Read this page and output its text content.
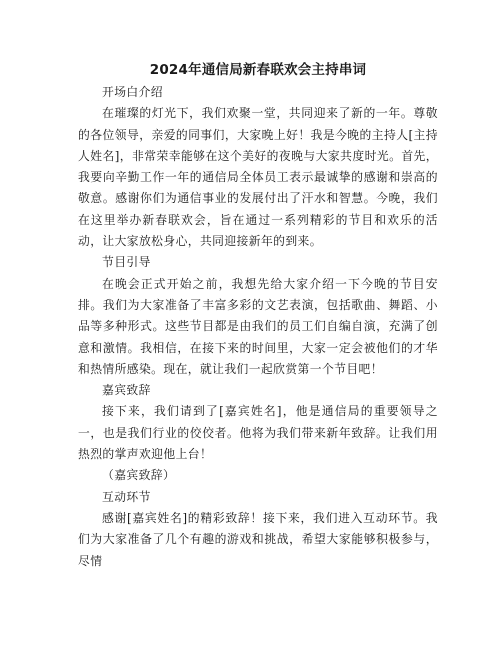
2024年通信局新春联欢会主持串词

开场白介绍

在璀璨的灯光下，我们欢聚一堂，共同迎来了新的一年。尊敬的各位领导，亲爱的同事们，大家晚上好！我是今晚的主持人[主持人姓名]，非常荣幸能够在这个美好的夜晚与大家共度时光。首先，我要向辛勤工作一年的通信局全体员工表示最诚挚的感谢和崇高的敬意。感谢你们为通信事业的发展付出了汗水和智慧。今晚，我们在这里举办新春联欢会，旨在通过一系列精彩的节目和欢乐的活动，让大家放松身心，共同迎接新年的到来。

节目引导

在晚会正式开始之前，我想先给大家介绍一下今晚的节目安排。我们为大家准备了丰富多彩的文艺表演，包括歌曲、舞蹈、小品等多种形式。这些节目都是由我们的员工们自编自演，充满了创意和激情。我相信，在接下来的时间里，大家一定会被他们的才华和热情所感染。现在，就让我们一起欣赏第一个节目吧！

嘉宾致辞

接下来，我们请到了[嘉宾姓名]，他是通信局的重要领导之一，也是我们行业的佼佼者。他将为我们带来新年致辞。让我们用热烈的掌声欢迎他上台！

（嘉宾致辞）

互动环节

感谢[嘉宾姓名]的精彩致辞！接下来，我们进入互动环节。我们为大家准备了几个有趣的游戏和挑战，希望大家能够积极参与，尽情
